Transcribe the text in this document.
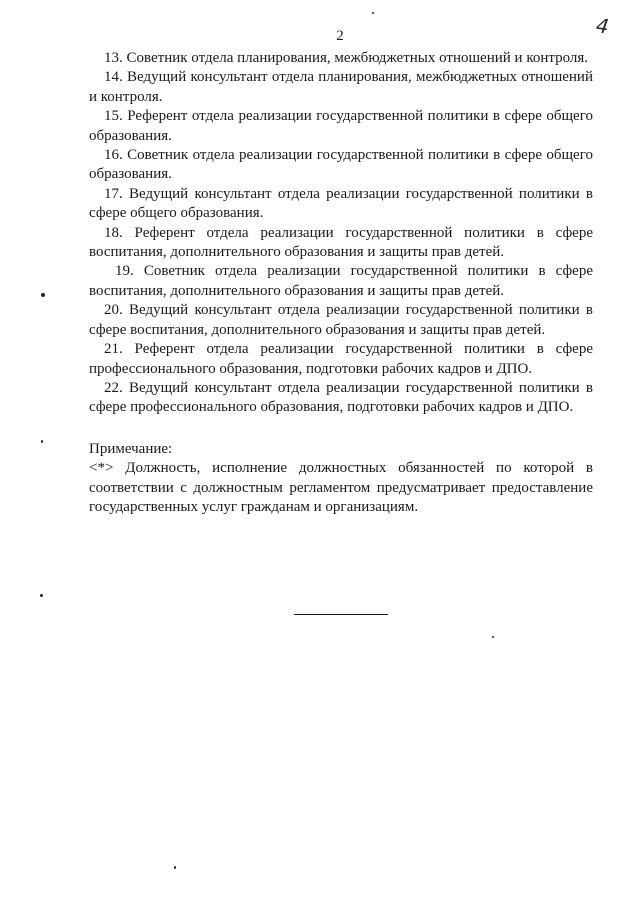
2	4

13. Советник отдела планирования, межбюджетных отношений и контроля.

14. Ведущий консультант отдела планирования, межбюджетных отношений и контроля.

15. Референт отдела реализации государственной политики в сфере общего образования.

16. Советник отдела реализации государственной политики в сфере общего образования.

17. Ведущий консультант отдела реализации государственной политики в сфере общего образования.

18. Референт отдела реализации государственной политики в сфере воспитания, дополнительного образования и защиты прав детей.

19. Советник отдела реализации государственной политики в сфере воспитания, дополнительного образования и защиты прав детей.

20. Ведущий консультант отдела реализации государственной политики в сфере воспитания, дополнительного образования и защиты прав детей.

21. Референт отдела реализации государственной политики в сфере профессионального образования, подготовки рабочих кадров и ДПО.

22. Ведущий консультант отдела реализации государственной политики в сфере профессионального образования, подготовки рабочих кадров и ДПО.

Примечание:

<*> Должность, исполнение должностных обязанностей по которой в соответствии с должностным регламентом предусматривает предоставление государственных услуг гражданам и организациям.
